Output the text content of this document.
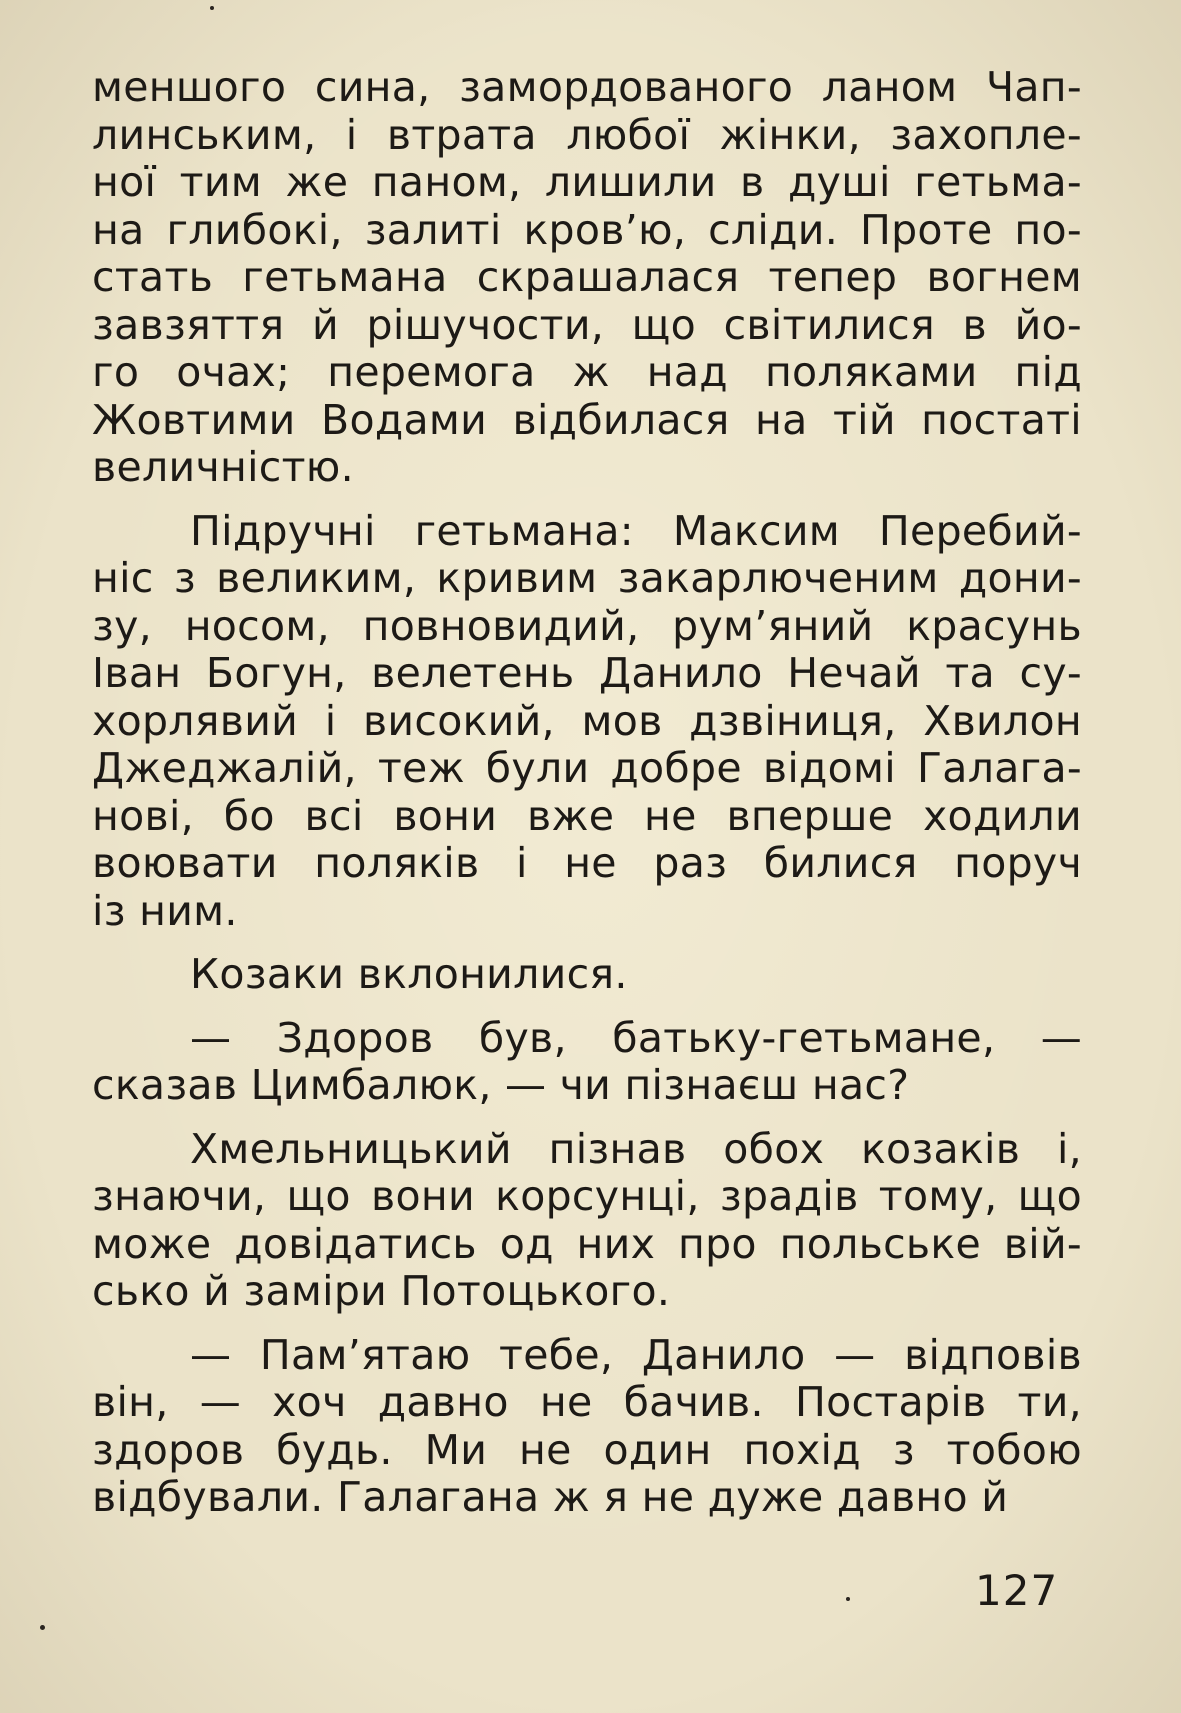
меншого сина, замордованого ланом Чап-
линським, і втрата любої жінки, захопле-
ної тим же паном, лишили в душі гетьма-
на глибокі, залиті кров’ю, сліди. Проте по-
стать гетьмана скрашалася тепер вогнем
завзяття й рішучости, що світилися в йо-
го очах; перемога ж над поляками під
Жовтими Водами відбилася на тій постаті
величністю.
Підручні гетьмана: Максим Перебий-
ніс з великим, кривим закарлюченим дони-
зу, носом, повновидий, рум’яний красунь
Іван Богун, велетень Данило Нечай та су-
хорлявий і високий, мов дзвіниця, Хвилон
Джеджалій, теж були добре відомі Галага-
нові, бо всі вони вже не вперше ходили
воювати поляків і не раз билися поруч
із ним.
Козаки вклонилися.
— Здоров був, батьку-гетьмане, —
сказав Цимбалюк, — чи пізнаєш нас?
Хмельницький пізнав обох козаків і,
знаючи, що вони корсунці, зрадів тому, що
може довідатись од них про польське вій-
сько й заміри Потоцького.
— Пам’ятаю тебе, Данило — відповів
він, — хоч давно не бачив. Постарів ти,
здоров будь. Ми не один похід з тобою
відбували. Галагана ж я не дуже давно й
127
